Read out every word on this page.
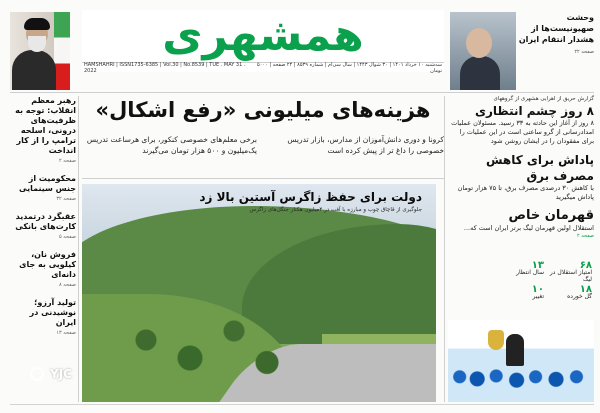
همشهری
HAMSHAHRI | ISSN1735-6385 | Vol.30 | No.8539 | TUE . MAY 31 . 2022
سه‌شنبه ۱۰ خرداد ۱۴۰۱ | ۳۰ شوال ۱۴۴۳ | سال سی‌ام | شماره ۸۵۳۹ | ۲۴ صفحه | ۵۰۰۰ تومان
وحشت صهیونیست‌ها از هشدار انتقام ایران
صفحه ۲۲
رهبر معظم انقلاب: توجه به ظرفیت‌های درونی، اسلحه ترامپ را از کار انداخت
صفحه ۲
محکومیت از جنس سینمایی
صفحه ۳۲
عقبگرد درتمدید کارت‌های بانکی
صفحه ۵
فروش نان، کیلویی به جای دانه‌ای
صفحه ۸
تولید آرزو؛ نوشیدنی در ایران
صفحه ۱۳
هزینه‌های میلیونی «رفع اشکال»
کرونا و دوری دانش‌آموزان از مدارس، بازار تدریس خصوصی را داغ تر از پیش کرده است
برخی معلم‌های خصوصی کنکور، برای هرساعت تدریس یک‌میلیون و ۵۰۰ هزار تومان می‌گیرند
دولت برای حفظ زاگرس آستین بالا زد
جلوگیری از قاچاق چوب و مبارزه با آفت در ۴میلیون هکتار جنگل‌های زاگرس
گزارش حریق از اهرایی هشهری از گروههای
۸ روز چشم انتظاری
۸ روز از آغاز این حادثه به ۳۳ رسید. مسئولان عملیات امدادرسانی از گرو ساعتی است در این عملیات را برای مفقودان را در ایشان روشن شود
پاداش برای کاهش مصرف برق
با کاهش ۳۰ درصدی مصرف برق، تا ۷۵ هزار تومان پاداش میگیرید
قهرمان خاص
استقلال اولین قهرمان لیگ برتر ایران است که...
صفحه ۲
۶۸
امتیاز استقلال در لیگ
۱۳
سال انتظار
۱۸
گل خورده
۱۰
تغییر
YJC
